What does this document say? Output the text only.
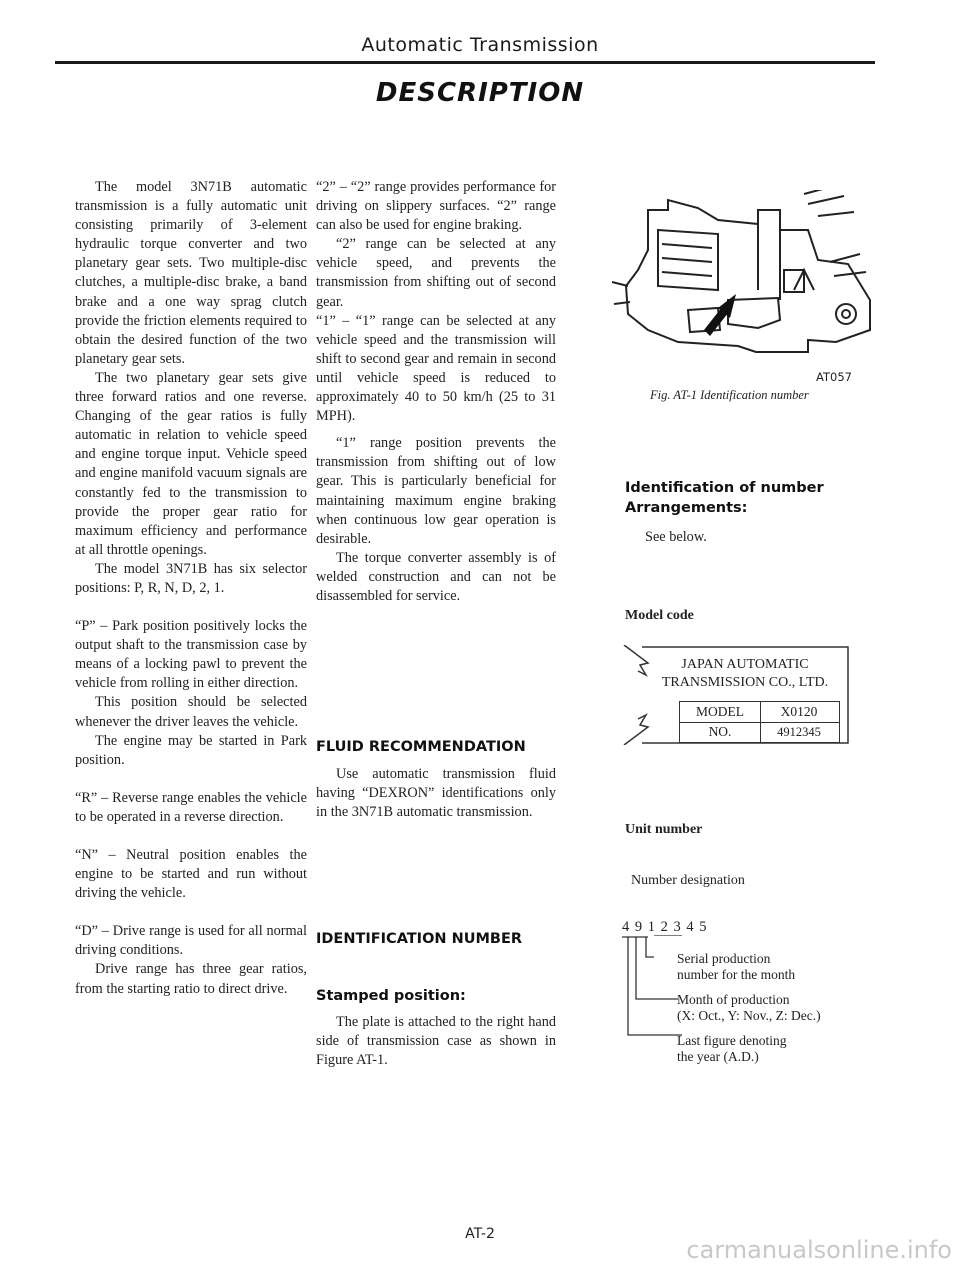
Automatic Transmission
DESCRIPTION

The model 3N71B automatic transmission is a fully automatic unit consisting primarily of 3-element hydraulic torque converter and two planetary gear sets. Two multiple-disc clutches, a multiple-disc brake, a band brake and a one way sprag clutch provide the friction elements required to obtain the desired function of the two planetary gear sets.

The two planetary gear sets give three forward ratios and one reverse. Changing of the gear ratios is fully automatic in relation to vehicle speed and engine torque input. Vehicle speed and engine manifold vacuum signals are constantly fed to the transmission to provide the proper gear ratio for maximum efficiency and performance at all throttle openings.

The model 3N71B has six selector positions: P, R, N, D, 2, 1.

“P” – Park position positively locks the output shaft to the transmission case by means of a locking pawl to prevent the vehicle from rolling in either direction.

This position should be selected whenever the driver leaves the vehicle.

The engine may be started in Park position.

“R” – Reverse range enables the vehicle to be operated in a reverse direction.

“N” – Neutral position enables the engine to be started and run without driving the vehicle.

“D” – Drive range is used for all normal driving conditions.

Drive range has three gear ratios, from the starting ratio to direct drive.

“2” – “2” range provides performance for driving on slippery surfaces. “2” range can also be used for engine braking.

“2” range can be selected at any vehicle speed, and prevents the transmission from shifting out of second gear.

“1” – “1” range can be selected at any vehicle speed and the transmission will shift to second gear and remain in second until vehicle speed is reduced to approximately 40 to 50 km/h (25 to 31 MPH).

“1” range position prevents the transmission from shifting out of low gear. This is particularly beneficial for maintaining maximum engine braking when continuous low gear operation is desirable.

The torque converter assembly is of welded construction and can not be disassembled for service.

FLUID RECOMMENDATION
Use automatic transmission fluid having “DEXRON” identifications only in the 3N71B automatic transmission.
IDENTIFICATION NUMBER
Stamped position:
The plate is attached to the right hand side of transmission case as shown in Figure AT-1.
AT057
Fig. AT-1 Identification number
Identification of number
Arrangements:
See below.
Model code
JAPAN AUTOMATIC
TRANSMISSION CO., LTD.
MODEL	X0120
NO.	4912345
Unit number
Number designation
4 9 1 2 3 4 5
Serial production
number for the month
Month of production
(X: Oct., Y: Nov., Z: Dec.)
Last figure denoting
the year (A.D.)
AT-2
carmanualsonline.info
